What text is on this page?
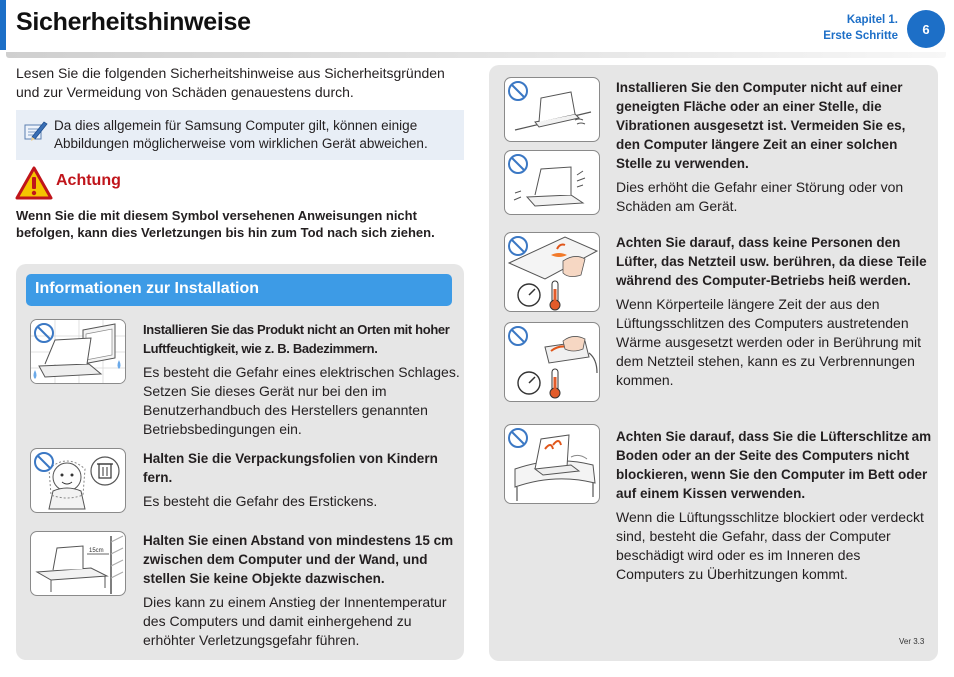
Sicherheitshinweise	Kapitel 1.
Erste Schritte	6
Lesen Sie die folgenden Sicherheitshinweise aus Sicherheitsgründen und zur Vermeidung von Schäden genauestens durch.
Da dies allgemein für Samsung Computer gilt, können einige Abbildungen möglicherweise vom wirklichen Gerät abweichen.
Achtung
Wenn Sie die mit diesem Symbol versehenen Anweisungen nicht befolgen, kann dies Verletzungen bis hin zum Tod nach sich ziehen.
Informationen zur Installation
Installieren Sie das Produkt nicht an Orten mit hoher Luftfeuchtigkeit, wie z. B. Badezimmern.
Es besteht die Gefahr eines elektrischen Schlages. Setzen Sie dieses Gerät nur bei den im Benutzerhandbuch des Herstellers genannten Betriebsbedingungen ein.
Halten Sie die Verpackungsfolien von Kindern fern.
Es besteht die Gefahr des Erstickens.
15cm
Halten Sie einen Abstand von mindestens 15 cm zwischen dem Computer und der Wand, und stellen Sie keine Objekte dazwischen.
Dies kann zu einem Anstieg der Innentemperatur des Computers und damit einhergehend zu erhöhter Verletzungsgefahr führen.
Installieren Sie den Computer nicht auf einer geneigten Fläche oder an einer Stelle, die Vibrationen ausgesetzt ist. Vermeiden Sie es, den Computer längere Zeit an einer solchen Stelle zu verwenden.
Dies erhöht die Gefahr einer Störung oder von Schäden am Gerät.
Achten Sie darauf, dass keine Personen den Lüfter, das Netzteil usw. berühren, da diese Teile während des Computer-Betriebs heiß werden.
Wenn Körperteile längere Zeit der aus den Lüftungsschlitzen des Computers austretenden Wärme ausgesetzt werden oder in Berührung mit dem Netzteil stehen, kann es zu Verbrennungen kommen.
Achten Sie darauf, dass Sie die Lüfterschlitze am Boden oder an der Seite des Computers nicht blockieren, wenn Sie den Computer im Bett oder auf einem Kissen verwenden.
Wenn die Lüftungsschlitze blockiert oder verdeckt sind, besteht die Gefahr, dass der Computer beschädigt wird oder es im Inneren des Computers zu Überhitzungen kommt.
Ver 3.3
